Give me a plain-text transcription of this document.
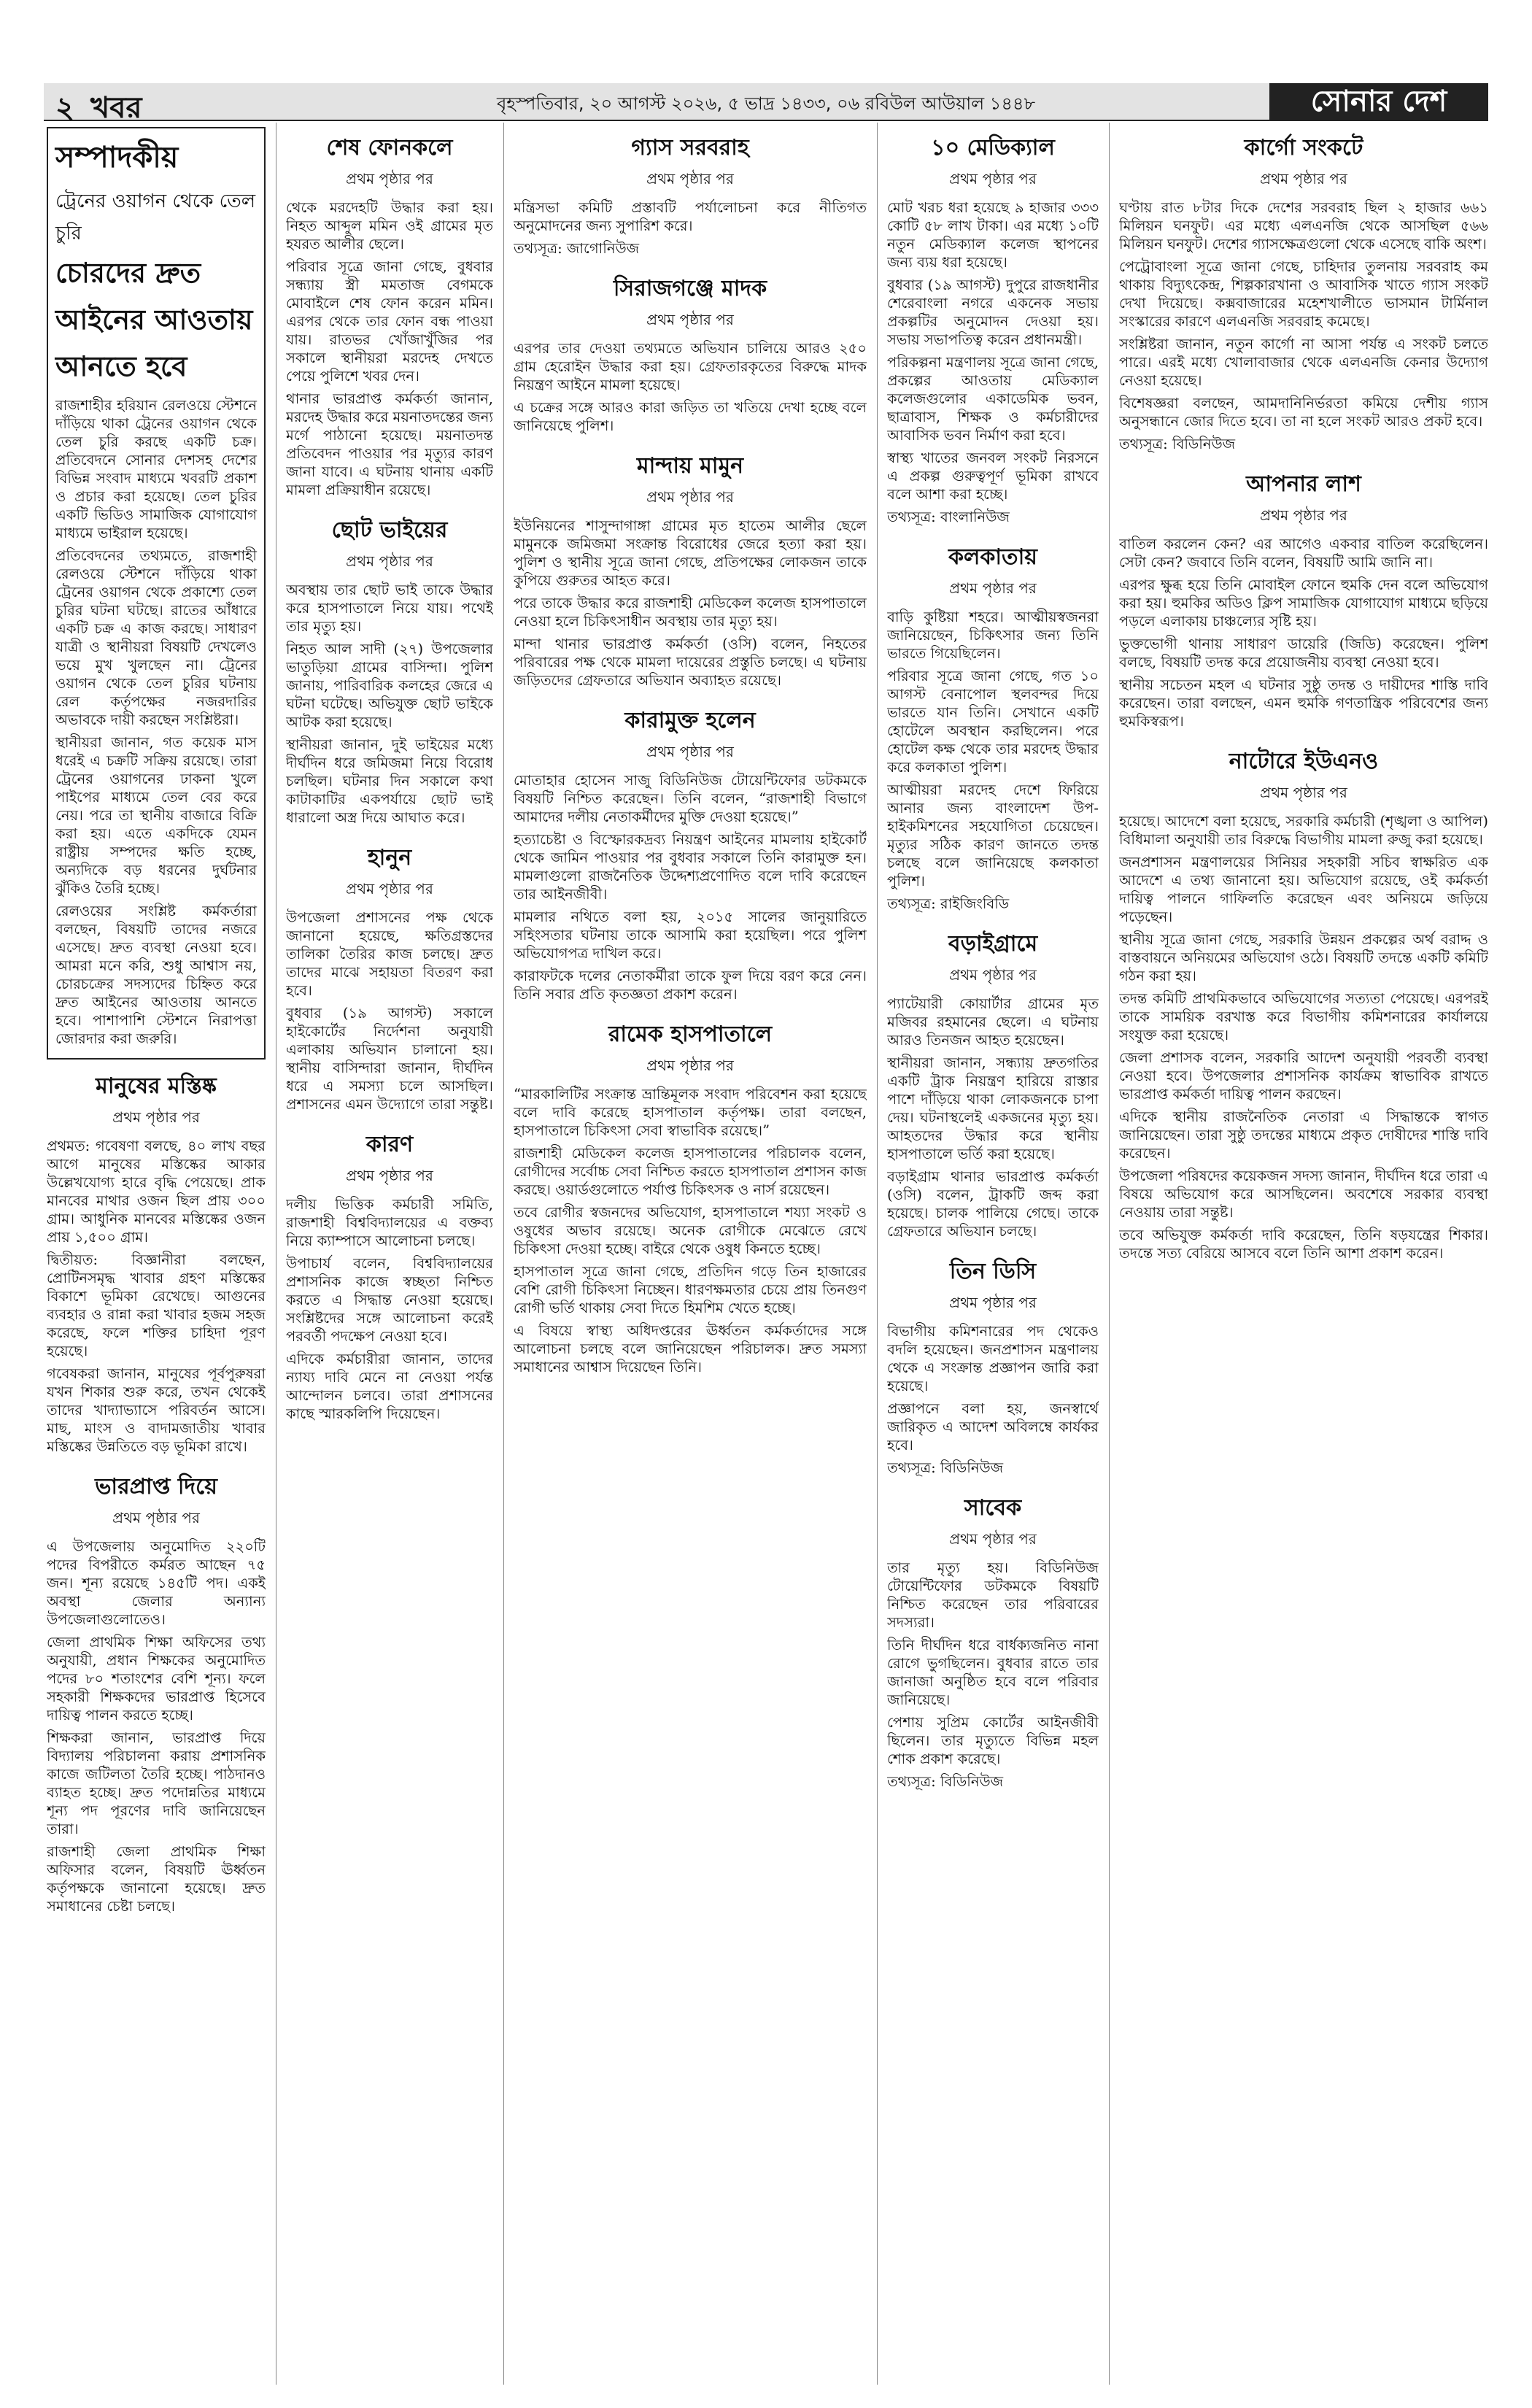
২ খবর	বৃহস্পতিবার, ২০ আগস্ট ২০২৬, ৫ ভাদ্র ১৪৩৩, ০৬ রবিউল আউয়াল ১৪৪৮	সোনার দেশ
সম্পাদকীয়
ট্রেনের ওয়াগন থেকে তেল চুরি
চোরদের দ্রুত আইনের আওতায় আনতে হবে

রাজশাহীর হরিয়ান রেলওয়ে স্টেশনে দাঁড়িয়ে থাকা ট্রেনের ওয়াগন থেকে তেল চুরি করছে একটি চক্র। প্রতিবেদনে সোনার দেশসহ দেশের বিভিন্ন সংবাদ মাধ্যমে খবরটি প্রকাশ ও প্রচার করা হয়েছে। তেল চুরির একটি ভিডিও সামাজিক যোগাযোগ মাধ্যমে ভাইরাল হয়েছে।

প্রতিবেদনের তথ্যমতে, রাজশাহী রেলওয়ে স্টেশনে দাঁড়িয়ে থাকা ট্রেনের ওয়াগন থেকে প্রকাশ্যে তেল চুরির ঘটনা ঘটছে। রাতের আঁধারে একটি চক্র এ কাজ করছে। সাধারণ যাত্রী ও স্থানীয়রা বিষয়টি দেখলেও ভয়ে মুখ খুলছেন না। ট্রেনের ওয়াগন থেকে তেল চুরির ঘটনায় রেল কর্তৃপক্ষের নজরদারির অভাবকে দায়ী করছেন সংশ্লিষ্টরা।

স্থানীয়রা জানান, গত কয়েক মাস ধরেই এ চক্রটি সক্রিয় রয়েছে। তারা ট্রেনের ওয়াগনের ঢাকনা খুলে পাইপের মাধ্যমে তেল বের করে নেয়। পরে তা স্থানীয় বাজারে বিক্রি করা হয়। এতে একদিকে যেমন রাষ্ট্রীয় সম্পদের ক্ষতি হচ্ছে, অন্যদিকে বড় ধরনের দুর্ঘটনার ঝুঁকিও তৈরি হচ্ছে।

রেলওয়ের সংশ্লিষ্ট কর্মকর্তারা বলছেন, বিষয়টি তাদের নজরে এসেছে। দ্রুত ব্যবস্থা নেওয়া হবে। আমরা মনে করি, শুধু আশ্বাস নয়, চোরচক্রের সদস্যদের চিহ্নিত করে দ্রুত আইনের আওতায় আনতে হবে। পাশাপাশি স্টেশনে নিরাপত্তা জোরদার করা জরুরি।

মানুষের মস্তিষ্ক
প্রথম পৃষ্ঠার পর

প্রথমত: গবেষণা বলছে, ৪০ লাখ বছর আগে মানুষের মস্তিষ্কের আকার উল্লেখযোগ্য হারে বৃদ্ধি পেয়েছে। প্রাক মানবের মাথার ওজন ছিল প্রায় ৩০০ গ্রাম। আধুনিক মানবের মস্তিষ্কের ওজন প্রায় ১,৫০০ গ্রাম।

দ্বিতীয়ত: বিজ্ঞানীরা বলছেন, প্রোটিনসমৃদ্ধ খাবার গ্রহণ মস্তিষ্কের বিকাশে ভূমিকা রেখেছে। আগুনের ব্যবহার ও রান্না করা খাবার হজম সহজ করেছে, ফলে শক্তির চাহিদা পূরণ হয়েছে।

গবেষকরা জানান, মানুষের পূর্বপুরুষরা যখন শিকার শুরু করে, তখন থেকেই তাদের খাদ্যাভ্যাসে পরিবর্তন আসে। মাছ, মাংস ও বাদামজাতীয় খাবার মস্তিষ্কের উন্নতিতে বড় ভূমিকা রাখে।

ভারপ্রাপ্ত দিয়ে
প্রথম পৃষ্ঠার পর

এ উপজেলায় অনুমোদিত ২২০টি পদের বিপরীতে কর্মরত আছেন ৭৫ জন। শূন্য রয়েছে ১৪৫টি পদ। একই অবস্থা জেলার অন্যান্য উপজেলাগুলোতেও।

জেলা প্রাথমিক শিক্ষা অফিসের তথ্য অনুযায়ী, প্রধান শিক্ষকের অনুমোদিত পদের ৮০ শতাংশের বেশি শূন্য। ফলে সহকারী শিক্ষকদের ভারপ্রাপ্ত হিসেবে দায়িত্ব পালন করতে হচ্ছে।

শিক্ষকরা জানান, ভারপ্রাপ্ত দিয়ে বিদ্যালয় পরিচালনা করায় প্রশাসনিক কাজে জটিলতা তৈরি হচ্ছে। পাঠদানও ব্যাহত হচ্ছে। দ্রুত পদোন্নতির মাধ্যমে শূন্য পদ পূরণের দাবি জানিয়েছেন তারা।

রাজশাহী জেলা প্রাথমিক শিক্ষা অফিসার বলেন, বিষয়টি ঊর্ধ্বতন কর্তৃপক্ষকে জানানো হয়েছে। দ্রুত সমাধানের চেষ্টা চলছে।

শেষ ফোনকলে
প্রথম পৃষ্ঠার পর

থেকে মরদেহটি উদ্ধার করা হয়। নিহত আব্দুল মমিন ওই গ্রামের মৃত হযরত আলীর ছেলে।

পরিবার সূত্রে জানা গেছে, বুধবার সন্ধ্যায় স্ত্রী মমতাজ বেগমকে মোবাইলে শেষ ফোন করেন মমিন। এরপর থেকে তার ফোন বন্ধ পাওয়া যায়। রাতভর খোঁজাখুঁজির পর সকালে স্থানীয়রা মরদেহ দেখতে পেয়ে পুলিশে খবর দেন।

থানার ভারপ্রাপ্ত কর্মকর্তা জানান, মরদেহ উদ্ধার করে ময়নাতদন্তের জন্য মর্গে পাঠানো হয়েছে। ময়নাতদন্ত প্রতিবেদন পাওয়ার পর মৃত্যুর কারণ জানা যাবে। এ ঘটনায় থানায় একটি মামলা প্রক্রিয়াধীন রয়েছে।

ছোট ভাইয়ের
প্রথম পৃষ্ঠার পর

অবস্থায় তার ছোট ভাই তাকে উদ্ধার করে হাসপাতালে নিয়ে যায়। পথেই তার মৃত্যু হয়।

নিহত আল সাদী (২৭) উপজেলার ভাতুড়িয়া গ্রামের বাসিন্দা। পুলিশ জানায়, পারিবারিক কলহের জেরে এ ঘটনা ঘটেছে। অভিযুক্ত ছোট ভাইকে আটক করা হয়েছে।

স্থানীয়রা জানান, দুই ভাইয়ের মধ্যে দীর্ঘদিন ধরে জমিজমা নিয়ে বিরোধ চলছিল। ঘটনার দিন সকালে কথা কাটাকাটির একপর্যায়ে ছোট ভাই ধারালো অস্ত্র দিয়ে আঘাত করে।

হানুন
প্রথম পৃষ্ঠার পর

উপজেলা প্রশাসনের পক্ষ থেকে জানানো হয়েছে, ক্ষতিগ্রস্তদের তালিকা তৈরির কাজ চলছে। দ্রুত তাদের মাঝে সহায়তা বিতরণ করা হবে।

বুধবার (১৯ আগস্ট) সকালে হাইকোর্টের নির্দেশনা অনুযায়ী এলাকায় অভিযান চালানো হয়। স্থানীয় বাসিন্দারা জানান, দীর্ঘদিন ধরে এ সমস্যা চলে আসছিল। প্রশাসনের এমন উদ্যোগে তারা সন্তুষ্ট।

কারণ
প্রথম পৃষ্ঠার পর

দলীয় ভিত্তিক কর্মচারী সমিতি, রাজশাহী বিশ্ববিদ্যালয়ের এ বক্তব্য নিয়ে ক্যাম্পাসে আলোচনা চলছে।

উপাচার্য বলেন, বিশ্ববিদ্যালয়ের প্রশাসনিক কাজে স্বচ্ছতা নিশ্চিত করতে এ সিদ্ধান্ত নেওয়া হয়েছে। সংশ্লিষ্টদের সঙ্গে আলোচনা করেই পরবর্তী পদক্ষেপ নেওয়া হবে।

এদিকে কর্মচারীরা জানান, তাদের ন্যায্য দাবি মেনে না নেওয়া পর্যন্ত আন্দোলন চলবে। তারা প্রশাসনের কাছে স্মারকলিপি দিয়েছেন।

গ্যাস সরবরাহ
প্রথম পৃষ্ঠার পর

মন্ত্রিসভা কমিটি প্রস্তাবটি পর্যালোচনা করে নীতিগত অনুমোদনের জন্য সুপারিশ করে।

তথ্যসূত্র: জাগোনিউজ

সিরাজগঞ্জে মাদক
প্রথম পৃষ্ঠার পর

এরপর তার দেওয়া তথ্যমতে অভিযান চালিয়ে আরও ২৫০ গ্রাম হেরোইন উদ্ধার করা হয়। গ্রেফতারকৃতের বিরুদ্ধে মাদক নিয়ন্ত্রণ আইনে মামলা হয়েছে।

এ চক্রের সঙ্গে আরও কারা জড়িত তা খতিয়ে দেখা হচ্ছে বলে জানিয়েছে পুলিশ।

মান্দায় মামুন
প্রথম পৃষ্ঠার পর

ইউনিয়নের শাসুন্দাগাঙ্গা গ্রামের মৃত হাতেম আলীর ছেলে মামুনকে জমিজমা সংক্রান্ত বিরোধের জেরে হত্যা করা হয়। পুলিশ ও স্থানীয় সূত্রে জানা গেছে, প্রতিপক্ষের লোকজন তাকে কুপিয়ে গুরুতর আহত করে।

পরে তাকে উদ্ধার করে রাজশাহী মেডিকেল কলেজ হাসপাতালে নেওয়া হলে চিকিৎসাধীন অবস্থায় তার মৃত্যু হয়।

মান্দা থানার ভারপ্রাপ্ত কর্মকর্তা (ওসি) বলেন, নিহতের পরিবারের পক্ষ থেকে মামলা দায়েরের প্রস্তুতি চলছে। এ ঘটনায় জড়িতদের গ্রেফতারে অভিযান অব্যাহত রয়েছে।

কারামুক্ত হলেন
প্রথম পৃষ্ঠার পর

মোতাহার হোসেন সাজু বিডিনিউজ টোয়েন্টিফোর ডটকমকে বিষয়টি নিশ্চিত করেছেন। তিনি বলেন, “রাজশাহী বিভাগে আমাদের দলীয় নেতাকর্মীদের মুক্তি দেওয়া হয়েছে।”

হত্যাচেষ্টা ও বিস্ফোরকদ্রব্য নিয়ন্ত্রণ আইনের মামলায় হাইকোর্ট থেকে জামিন পাওয়ার পর বুধবার সকালে তিনি কারামুক্ত হন। মামলাগুলো রাজনৈতিক উদ্দেশ্যপ্রণোদিত বলে দাবি করেছেন তার আইনজীবী।

মামলার নথিতে বলা হয়, ২০১৫ সালের জানুয়ারিতে সহিংসতার ঘটনায় তাকে আসামি করা হয়েছিল। পরে পুলিশ অভিযোগপত্র দাখিল করে।

কারাফটকে দলের নেতাকর্মীরা তাকে ফুল দিয়ে বরণ করে নেন। তিনি সবার প্রতি কৃতজ্ঞতা প্রকাশ করেন।

রামেক হাসপাতালে
প্রথম পৃষ্ঠার পর

“মারকালিটির সংক্রান্ত ভ্রান্তিমূলক সংবাদ পরিবেশন করা হয়েছে বলে দাবি করেছে হাসপাতাল কর্তৃপক্ষ। তারা বলছেন, হাসপাতালে চিকিৎসা সেবা স্বাভাবিক রয়েছে।”

রাজশাহী মেডিকেল কলেজ হাসপাতালের পরিচালক বলেন, রোগীদের সর্বোচ্চ সেবা নিশ্চিত করতে হাসপাতাল প্রশাসন কাজ করছে। ওয়ার্ডগুলোতে পর্যাপ্ত চিকিৎসক ও নার্স রয়েছেন।

তবে রোগীর স্বজনদের অভিযোগ, হাসপাতালে শয্যা সংকট ও ওষুধের অভাব রয়েছে। অনেক রোগীকে মেঝেতে রেখে চিকিৎসা দেওয়া হচ্ছে। বাইরে থেকে ওষুধ কিনতে হচ্ছে।

হাসপাতাল সূত্রে জানা গেছে, প্রতিদিন গড়ে তিন হাজারের বেশি রোগী চিকিৎসা নিচ্ছেন। ধারণক্ষমতার চেয়ে প্রায় তিনগুণ রোগী ভর্তি থাকায় সেবা দিতে হিমশিম খেতে হচ্ছে।

এ বিষয়ে স্বাস্থ্য অধিদপ্তরের ঊর্ধ্বতন কর্মকর্তাদের সঙ্গে আলোচনা চলছে বলে জানিয়েছেন পরিচালক। দ্রুত সমস্যা সমাধানের আশ্বাস দিয়েছেন তিনি।

১০ মেডিক্যাল
প্রথম পৃষ্ঠার পর

মোট খরচ ধরা হয়েছে ৯ হাজার ৩৩৩ কোটি ৫৮ লাখ টাকা। এর মধ্যে ১০টি নতুন মেডিক্যাল কলেজ স্থাপনের জন্য ব্যয় ধরা হয়েছে।

বুধবার (১৯ আগস্ট) দুপুরে রাজধানীর শেরেবাংলা নগরে একনেক সভায় প্রকল্পটির অনুমোদন দেওয়া হয়। সভায় সভাপতিত্ব করেন প্রধানমন্ত্রী।

পরিকল্পনা মন্ত্রণালয় সূত্রে জানা গেছে, প্রকল্পের আওতায় মেডিক্যাল কলেজগুলোর একাডেমিক ভবন, ছাত্রাবাস, শিক্ষক ও কর্মচারীদের আবাসিক ভবন নির্মাণ করা হবে।

স্বাস্থ্য খাতের জনবল সংকট নিরসনে এ প্রকল্প গুরুত্বপূর্ণ ভূমিকা রাখবে বলে আশা করা হচ্ছে।

তথ্যসূত্র: বাংলানিউজ

কলকাতায়
প্রথম পৃষ্ঠার পর

বাড়ি কুষ্টিয়া শহরে। আত্মীয়স্বজনরা জানিয়েছেন, চিকিৎসার জন্য তিনি ভারতে গিয়েছিলেন।

পরিবার সূত্রে জানা গেছে, গত ১০ আগস্ট বেনাপোল স্থলবন্দর দিয়ে ভারতে যান তিনি। সেখানে একটি হোটেলে অবস্থান করছিলেন। পরে হোটেল কক্ষ থেকে তার মরদেহ উদ্ধার করে কলকাতা পুলিশ।

আত্মীয়রা মরদেহ দেশে ফিরিয়ে আনার জন্য বাংলাদেশ উপ-হাইকমিশনের সহযোগিতা চেয়েছেন। মৃত্যুর সঠিক কারণ জানতে তদন্ত চলছে বলে জানিয়েছে কলকাতা পুলিশ।

তথ্যসূত্র: রাইজিংবিডি

বড়াইগ্রামে
প্রথম পৃষ্ঠার পর

প্যাটেয়ারী কোয়ার্টার গ্রামের মৃত মজিবর রহমানের ছেলে। এ ঘটনায় আরও তিনজন আহত হয়েছেন।

স্থানীয়রা জানান, সন্ধ্যায় দ্রুতগতির একটি ট্রাক নিয়ন্ত্রণ হারিয়ে রাস্তার পাশে দাঁড়িয়ে থাকা লোকজনকে চাপা দেয়। ঘটনাস্থলেই একজনের মৃত্যু হয়। আহতদের উদ্ধার করে স্থানীয় হাসপাতালে ভর্তি করা হয়েছে।

বড়াইগ্রাম থানার ভারপ্রাপ্ত কর্মকর্তা (ওসি) বলেন, ট্রাকটি জব্দ করা হয়েছে। চালক পালিয়ে গেছে। তাকে গ্রেফতারে অভিযান চলছে।

তিন ডিসি
প্রথম পৃষ্ঠার পর

বিভাগীয় কমিশনারের পদ থেকেও বদলি হয়েছেন। জনপ্রশাসন মন্ত্রণালয় থেকে এ সংক্রান্ত প্রজ্ঞাপন জারি করা হয়েছে।

প্রজ্ঞাপনে বলা হয়, জনস্বার্থে জারিকৃত এ আদেশ অবিলম্বে কার্যকর হবে।

তথ্যসূত্র: বিডিনিউজ

সাবেক
প্রথম পৃষ্ঠার পর

তার মৃত্যু হয়। বিডিনিউজ টোয়েন্টিফোর ডটকমকে বিষয়টি নিশ্চিত করেছেন তার পরিবারের সদস্যরা।

তিনি দীর্ঘদিন ধরে বার্ধক্যজনিত নানা রোগে ভুগছিলেন। বুধবার রাতে তার জানাজা অনুষ্ঠিত হবে বলে পরিবার জানিয়েছে।

পেশায় সুপ্রিম কোর্টের আইনজীবী ছিলেন। তার মৃত্যুতে বিভিন্ন মহল শোক প্রকাশ করেছে।

তথ্যসূত্র: বিডিনিউজ

কার্গো সংকটে
প্রথম পৃষ্ঠার পর

ঘণ্টায় রাত ৮টার দিকে দেশের সরবরাহ ছিল ২ হাজার ৬৬১ মিলিয়ন ঘনফুট। এর মধ্যে এলএনজি থেকে আসছিল ৫৬৬ মিলিয়ন ঘনফুট। দেশের গ্যাসক্ষেত্রগুলো থেকে এসেছে বাকি অংশ।

পেট্রোবাংলা সূত্রে জানা গেছে, চাহিদার তুলনায় সরবরাহ কম থাকায় বিদ্যুৎকেন্দ্র, শিল্পকারখানা ও আবাসিক খাতে গ্যাস সংকট দেখা দিয়েছে। কক্সবাজারের মহেশখালীতে ভাসমান টার্মিনাল সংস্কারের কারণে এলএনজি সরবরাহ কমেছে।

সংশ্লিষ্টরা জানান, নতুন কার্গো না আসা পর্যন্ত এ সংকট চলতে পারে। এরই মধ্যে খোলাবাজার থেকে এলএনজি কেনার উদ্যোগ নেওয়া হয়েছে।

বিশেষজ্ঞরা বলছেন, আমদানিনির্ভরতা কমিয়ে দেশীয় গ্যাস অনুসন্ধানে জোর দিতে হবে। তা না হলে সংকট আরও প্রকট হবে।

তথ্যসূত্র: বিডিনিউজ

আপনার লাশ
প্রথম পৃষ্ঠার পর

বাতিল করলেন কেন? এর আগেও একবার বাতিল করেছিলেন। সেটা কেন? জবাবে তিনি বলেন, বিষয়টি আমি জানি না।

এরপর ক্ষুব্ধ হয়ে তিনি মোবাইল ফোনে হুমকি দেন বলে অভিযোগ করা হয়। হুমকির অডিও ক্লিপ সামাজিক যোগাযোগ মাধ্যমে ছড়িয়ে পড়লে এলাকায় চাঞ্চল্যের সৃষ্টি হয়।

ভুক্তভোগী থানায় সাধারণ ডায়েরি (জিডি) করেছেন। পুলিশ বলছে, বিষয়টি তদন্ত করে প্রয়োজনীয় ব্যবস্থা নেওয়া হবে।

স্থানীয় সচেতন মহল এ ঘটনার সুষ্ঠু তদন্ত ও দায়ীদের শাস্তি দাবি করেছেন। তারা বলছেন, এমন হুমকি গণতান্ত্রিক পরিবেশের জন্য হুমকিস্বরূপ।

নাটোরে ইউএনও
প্রথম পৃষ্ঠার পর

হয়েছে। আদেশে বলা হয়েছে, সরকারি কর্মচারী (শৃঙ্খলা ও আপিল) বিধিমালা অনুযায়ী তার বিরুদ্ধে বিভাগীয় মামলা রুজু করা হয়েছে।

জনপ্রশাসন মন্ত্রণালয়ের সিনিয়র সহকারী সচিব স্বাক্ষরিত এক আদেশে এ তথ্য জানানো হয়। অভিযোগ রয়েছে, ওই কর্মকর্তা দায়িত্ব পালনে গাফিলতি করেছেন এবং অনিয়মে জড়িয়ে পড়েছেন।

স্থানীয় সূত্রে জানা গেছে, সরকারি উন্নয়ন প্রকল্পের অর্থ বরাদ্দ ও বাস্তবায়নে অনিয়মের অভিযোগ ওঠে। বিষয়টি তদন্তে একটি কমিটি গঠন করা হয়।

তদন্ত কমিটি প্রাথমিকভাবে অভিযোগের সত্যতা পেয়েছে। এরপরই তাকে সাময়িক বরখাস্ত করে বিভাগীয় কমিশনারের কার্যালয়ে সংযুক্ত করা হয়েছে।

জেলা প্রশাসক বলেন, সরকারি আদেশ অনুযায়ী পরবর্তী ব্যবস্থা নেওয়া হবে। উপজেলার প্রশাসনিক কার্যক্রম স্বাভাবিক রাখতে ভারপ্রাপ্ত কর্মকর্তা দায়িত্ব পালন করছেন।

এদিকে স্থানীয় রাজনৈতিক নেতারা এ সিদ্ধান্তকে স্বাগত জানিয়েছেন। তারা সুষ্ঠু তদন্তের মাধ্যমে প্রকৃত দোষীদের শাস্তি দাবি করেছেন।

উপজেলা পরিষদের কয়েকজন সদস্য জানান, দীর্ঘদিন ধরে তারা এ বিষয়ে অভিযোগ করে আসছিলেন। অবশেষে সরকার ব্যবস্থা নেওয়ায় তারা সন্তুষ্ট।

তবে অভিযুক্ত কর্মকর্তা দাবি করেছেন, তিনি ষড়যন্ত্রের শিকার। তদন্তে সত্য বেরিয়ে আসবে বলে তিনি আশা প্রকাশ করেন।
